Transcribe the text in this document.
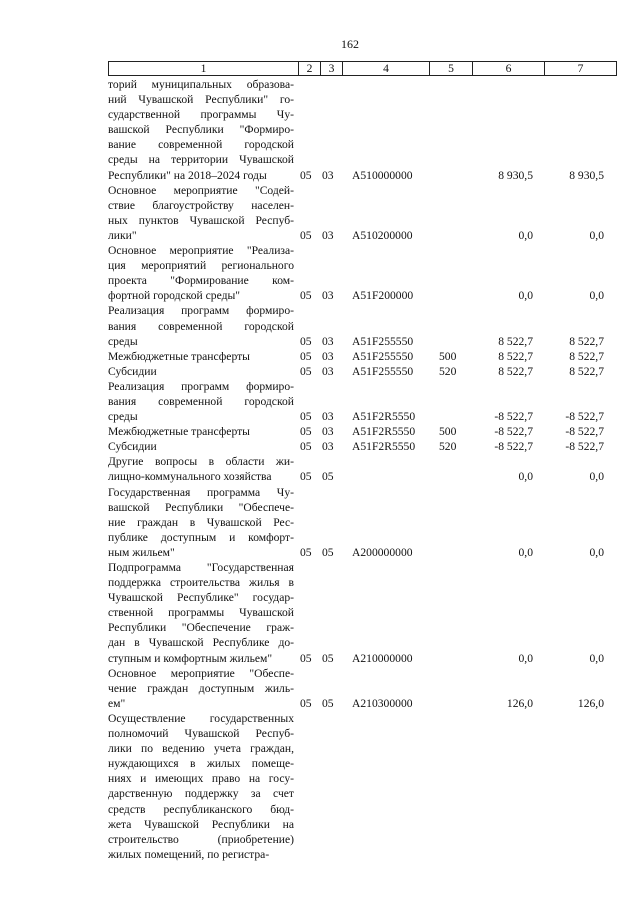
162
1	2	3	4	5	6	7
торий муниципальных образова-
ний Чувашской Республики" го-
сударственной программы Чу-
вашской Республики "Формиро-
вание современной городской
среды на территории Чувашской
Республики" на 2018–2024 годы	05 03 A510000000	8 930,5	8 930,5
Основное мероприятие "Содей-
ствие благоустройству населен-
ных пунктов Чувашской Респуб-
лики"	05 03 A510200000	0,0	0,0
Основное мероприятие "Реализа-
ция мероприятий регионального
проекта "Формирование ком-
фортной городской среды"	05 03 A51F200000	0,0	0,0
Реализация программ формиро-
вания современной городской
среды	05 03 A51F255550	8 522,7	8 522,7
Межбюджетные трансферты	05 03 A51F255550 500	8 522,7	8 522,7
Субсидии	05 03 A51F255550 520	8 522,7	8 522,7
Реализация программ формиро-
вания современной городской
среды	05 03 A51F2R5550	-8 522,7	-8 522,7
Межбюджетные трансферты	05 03 A51F2R5550 500	-8 522,7	-8 522,7
Субсидии	05 03 A51F2R5550 520	-8 522,7	-8 522,7
Другие вопросы в области жи-
лищно-коммунального хозяйства	05 05	0,0	0,0
Государственная программа Чу-
вашской Республики "Обеспече-
ние граждан в Чувашской Рес-
публике доступным и комфорт-
ным жильем"	05 05 A200000000	0,0	0,0
Подпрограмма "Государственная
поддержка строительства жилья в
Чувашской Республике" государ-
ственной программы Чувашской
Республики "Обеспечение граж-
дан в Чувашской Республике до-
ступным и комфортным жильем"	05 05 A210000000	0,0	0,0
Основное мероприятие "Обеспе-
чение граждан доступным жиль-
ем"	05 05 A210300000	126,0	126,0
Осуществление государственных
полномочий Чувашской Респуб-
лики по ведению учета граждан,
нуждающихся в жилых помеще-
ниях и имеющих право на госу-
дарственную поддержку за счет
средств республиканского бюд-
жета Чувашской Республики на
строительство (приобретение)
жилых помещений, по регистра-
